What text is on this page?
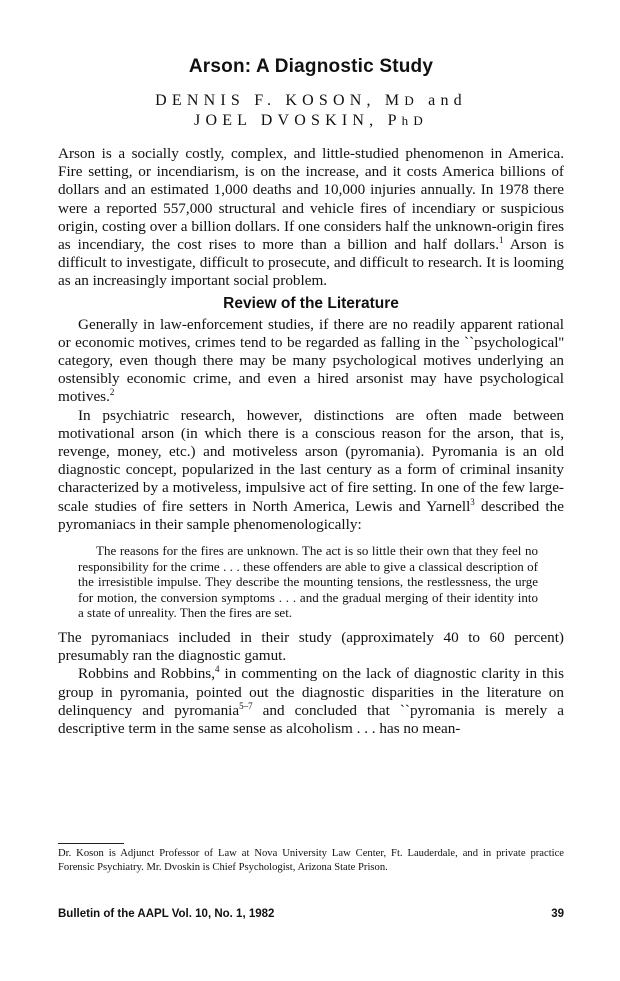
Arson: A Diagnostic Study
DENNIS F. KOSON, MD and
JOEL DVOSKIN, PhD

Arson is a socially costly, complex, and little-studied phenomenon in America. Fire setting, or incendiarism, is on the increase, and it costs America billions of dollars and an estimated 1,000 deaths and 10,000 injuries annually. In 1978 there were a reported 557,000 structural and vehicle fires of incendiary or suspicious origin, costing over a billion dollars. If one considers half the unknown-origin fires as incendiary, the cost rises to more than a billion and half dollars.$^1$ Arson is difficult to investigate, difficult to prosecute, and difficult to research. It is looming as an increasingly important social problem.

Review of the Literature

Generally in law-enforcement studies, if there are no readily apparent rational or economic motives, crimes tend to be regarded as falling in the ``psychological'' category, even though there may be many psychological motives underlying an ostensibly economic crime, and even a hired arsonist may have psychological motives.$^2$

In psychiatric research, however, distinctions are often made between motivational arson (in which there is a conscious reason for the arson, that is, revenge, money, etc.) and motiveless arson (pyromania). Pyromania is an old diagnostic concept, popularized in the last century as a form of criminal insanity characterized by a motiveless, impulsive act of fire setting. In one of the few large-scale studies of fire setters in North America, Lewis and Yarnell$^3$ described the pyromaniacs in their sample phenomenologically:

The reasons for the fires are unknown. The act is so little their own that they feel no responsibility for the crime . . . these offenders are able to give a classical description of the irresistible impulse. They describe the mounting tensions, the restlessness, the urge for motion, the conversion symptoms . . . and the gradual merging of their identity into a state of unreality. Then the fires are set.

The pyromaniacs included in their study (approximately 40 to 60 percent) presumably ran the diagnostic gamut.

Robbins and Robbins,$^4$ in commenting on the lack of diagnostic clarity in this group in pyromania, pointed out the diagnostic disparities in the literature on delinquency and pyromania$^{5-7}$ and concluded that ``pyromania is merely a descriptive term in the same sense as alcoholism . . . has no mean-

Dr. Koson is Adjunct Professor of Law at Nova University Law Center, Ft. Lauderdale, and in private practice Forensic Psychiatry. Mr. Dvoskin is Chief Psychologist, Arizona State Prison.
Bulletin of the AAPL Vol. 10, No. 1, 1982	39
